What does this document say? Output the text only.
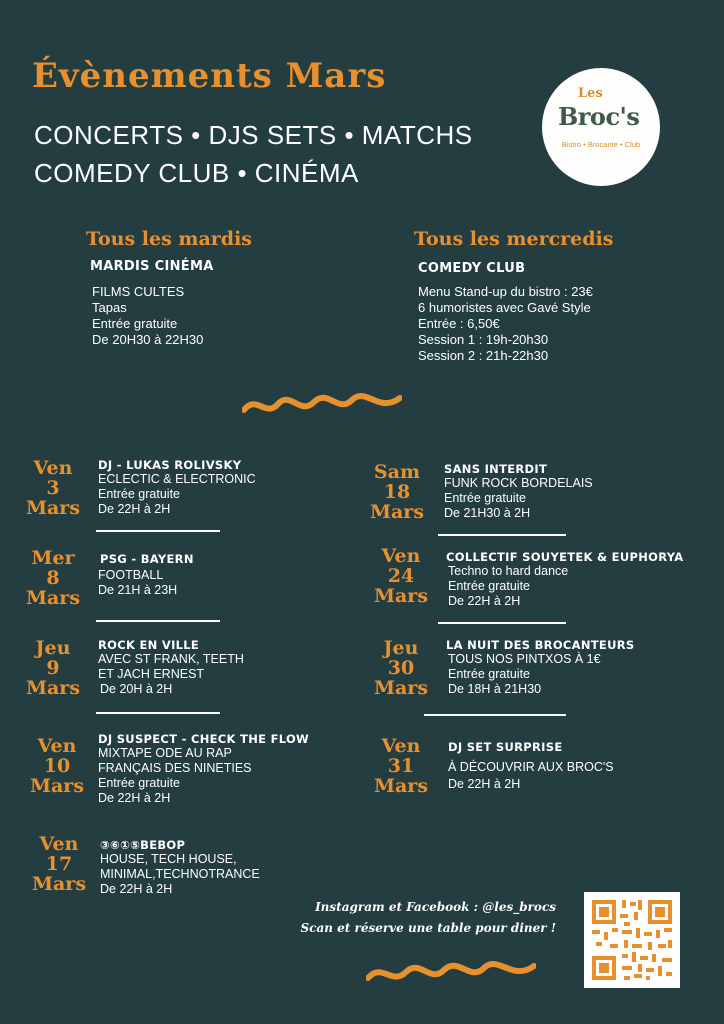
Évènements Mars
CONCERTS • DJS SETS • MATCHS
COMEDY CLUB • CINÉMA
Les
Broc's
Bistro • Brocante • Club
Tous les mardis
MARDIS CINÉMA
FILMS CULTES
Tapas
Entrée gratuite
De 20H30 à 22H30
Tous les mercredis
COMEDY CLUB
Menu Stand-up du bistro : 23€
6 humoristes avec Gavé Style
Entrée : 6,50€
Session 1 : 19h-20h30
Session 2 : 21h-22h30
Ven
3
Mars
DJ - LUKAS ROLIVSKY
ECLECTIC & ELECTRONIC
Entrée gratuite
De 22H à 2H
Mer
8
Mars
PSG - BAYERN
FOOTBALL
De 21H à 23H
Jeu
9
Mars
ROCK EN VILLE
AVEC ST FRANK, TEETH
ET JACH ERNEST
De 20H à 2H
Ven
10
Mars
DJ SUSPECT - CHECK THE FLOW
MIXTAPE ODE AU RAP
FRANÇAIS DES NINETIES
Entrée gratuite
De 22H à 2H
Ven
17
Mars
③⑥①⑤BEBOP
HOUSE, TECH HOUSE,
MINIMAL,TECHNOTRANCE
De 22H à 2H
Sam
18
Mars
SANS INTERDIT
FUNK ROCK BORDELAIS
Entrée gratuite
De 21H30 à 2H
Ven
24
Mars
COLLECTIF SOUYETEK & EUPHORYA
Techno to hard dance
Entrée gratuite
De 22H à 2H
Jeu
30
Mars
LA NUIT DES BROCANTEURS
TOUS NOS PINTXOS À 1€
Entrée gratuite
De 18H à 21H30
Ven
31
Mars
DJ SET SURPRISE
À DÉCOUVRIR AUX BROC'S
De 22H à 2H
Instagram et Facebook : @les_brocs
Scan et réserve une table pour diner !
